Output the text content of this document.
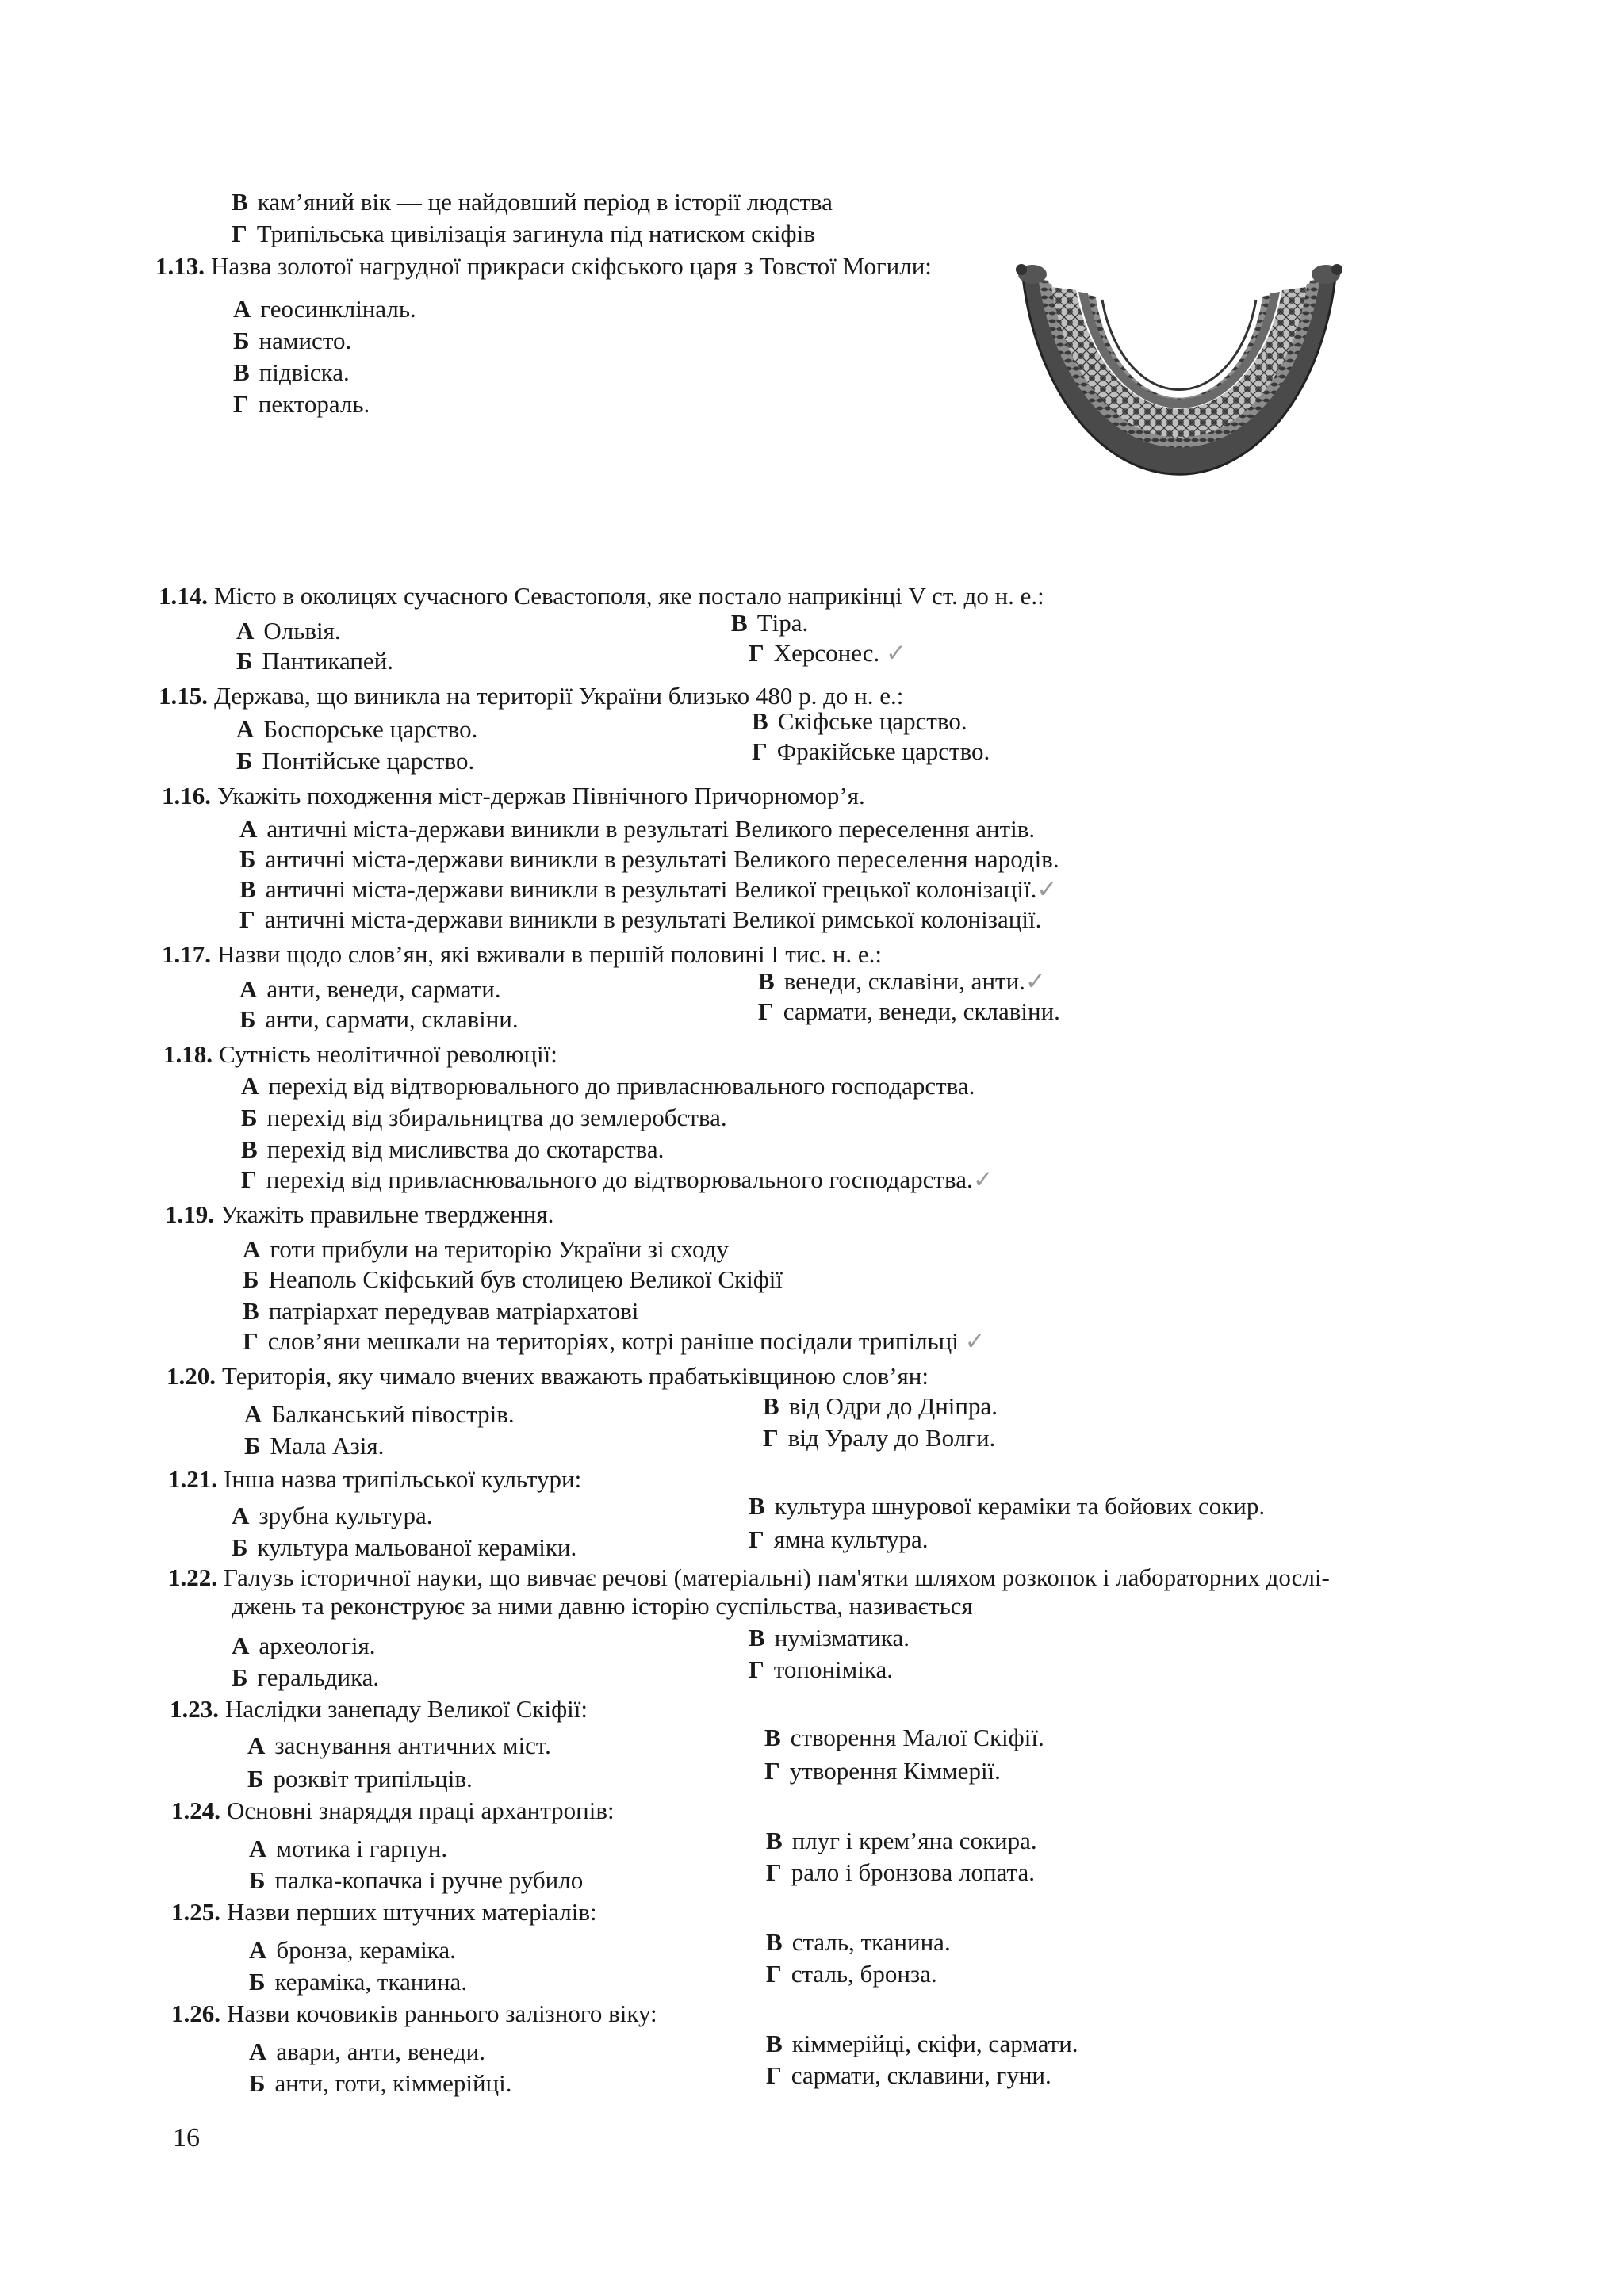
В кам’яний вік — це найдовший період в історії людства
Г Трипільська цивілізація загинула під натиском скіфів
1.13. Назва золотої нагрудної прикраси скіфського царя з Товстої Могили:
А геосинкліналь.
Б намисто.
В підвіска.
Г пектораль.
1.14. Місто в околицях сучасного Севастополя, яке постало наприкінці V ст. до н. е.:
А Ольвія.	В Тіра.
Б Пантикапей.	Г Херсонес. ✓
1.15. Держава, що виникла на території України близько 480 р. до н. е.:
А Боспорське царство.	В Скіфське царство.
Б Понтійське царство.	Г Фракійське царство.
1.16. Укажіть походження міст-держав Північного Причорномор’я.
А античні міста-держави виникли в результаті Великого переселення антів.
Б античні міста-держави виникли в результаті Великого переселення народів.
В античні міста-держави виникли в результаті Великої грецької колонізації.✓
Г античні міста-держави виникли в результаті Великої римської колонізації.
1.17. Назви щодо слов’ян, які вживали в першій половині І тис. н. е.:
А анти, венеди, сармати.	В венеди, склавіни, анти.✓
Б анти, сармати, склавіни.	Г сармати, венеди, склавіни.
1.18. Сутність неолітичної революції:
А перехід від відтворювального до привласнювального господарства.
Б перехід від збиральництва до землеробства.
В перехід від мисливства до скотарства.
Г перехід від привласнювального до відтворювального господарства.✓
1.19. Укажіть правильне твердження.
А готи прибули на територію України зі сходу
Б Неаполь Скіфський був столицею Великої Скіфії
В патріархат передував матріархатові
Г слов’яни мешкали на територіях, котрі раніше посідали трипільці ✓
1.20. Територія, яку чимало вчених вважають прабатьківщиною слов’ян:
А Балканський півострів.	В від Одри до Дніпра.
Б Мала Азія.	Г від Уралу до Волги.
1.21. Інша назва трипільської культури:
А зрубна культура.	В культура шнурової кераміки та бойових сокир.
Б культура мальованої кераміки.	Г ямна культура.
1.22. Галузь історичної науки, що вивчає речові (матеріальні) пам'ятки шляхом розкопок і лабораторних дослі-
джень та реконструює за ними давню історію суспільства, називається
А археологія.	В нумізматика.
Б геральдика.	Г топоніміка.
1.23. Наслідки занепаду Великої Скіфії:
А заснування античних міст.	В створення Малої Скіфії.
Б розквіт трипільців.	Г утворення Кіммерії.
1.24. Основні знаряддя праці архантропів:
А мотика і гарпун.	В плуг і крем’яна сокира.
Б палка-копачка і ручне рубило	Г рало і бронзова лопата.
1.25. Назви перших штучних матеріалів:
А бронза, кераміка.	В сталь, тканина.
Б кераміка, тканина.	Г сталь, бронза.
1.26. Назви кочовиків раннього залізного віку:
А авари, анти, венеди.	В кіммерійці, скіфи, сармати.
Б анти, готи, кіммерійці.	Г сармати, склавини, гуни.
16
